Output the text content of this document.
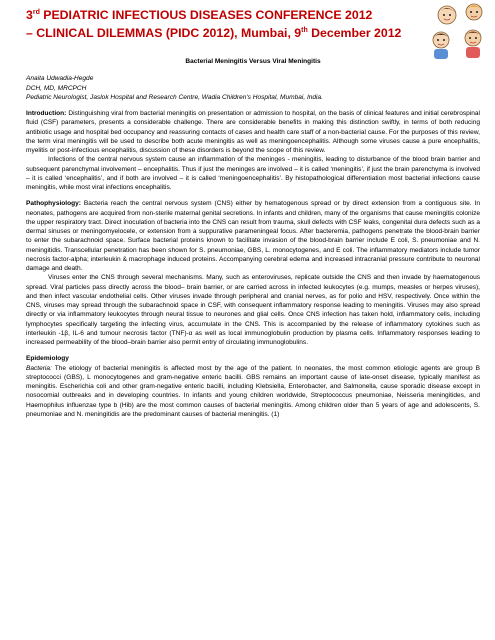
3rd PEDIATRIC INFECTIOUS DISEASES CONFERENCE 2012
– CLINICAL DILEMMAS (PIDC 2012), Mumbai, 9th December 2012

Bacterial Meningitis Versus Viral Meningitis

Anaita Udwadia-Hegde

DCH, MD, MRCPCH

Pediatric Neurologist, Jaslok Hospital and Research Centre, Wadia Children's Hospital, Mumbai, India.

Introduction: Distinguishing viral from bacterial meningitis on presentation or admission to hospital, on the basis of clinical features and initial cerebrospinal fluid (CSF) parameters, presents a considerable challenge. There are considerable benefits in making this distinction swiftly, in terms of both reducing antibiotic usage and hospital bed occupancy and reassuring contacts of cases and health care staff of a non-bacterial cause. For the purposes of this review, the term viral meningitis will be used to describe both acute meningitis as well as meningoencephalitis. Although some viruses cause a pure encephalitis, myelitis or post-infectious encephalitis, discussion of these disorders is beyond the scope of this review.

Infections of the central nervous system cause an inflammation of the meninges - meningitis, leading to disturbance of the blood brain barrier and subsequent parenchymal involvement – encephalitis. Thus if just the meninges are involved – it is called ‘meningitis’, if just the brain parenchyma is involved – it is called ‘encephalitis’, and if both are involved – it is called ‘meningoencephalitis’. By histopathological differentiation most bacterial infections cause meningitis, while most viral infections encephalitis.

Pathophysiology: Bacteria reach the central nervous system (CNS) either by hematogenous spread or by direct extension from a contiguous site. In neonates, pathogens are acquired from non-sterile maternal genital secretions. In infants and children, many of the organisms that cause meningitis colonize the upper respiratory tract. Direct inoculation of bacteria into the CNS can result from trauma, skull defects with CSF leaks, congenital dura defects such as a dermal sinuses or meningomyelocele, or extension from a suppurative parameningeal focus. After bacteremia, pathogens penetrate the blood-brain barrier to enter the subarachnoid space. Surface bacterial proteins known to facilitate invasion of the blood-brain barrier include E coli, S. pneumoniae and N. meningitidis. Transcellular penetration has been shown for S. pneumoniae, GBS, L. monocytogenes, and E coli. The inflammatory mediators include tumor necrosis factor-alpha; interleukin & macrophage induced proteins. Accompanying cerebral edema and increased intracranial pressure contribute to neuronal damage and death.

Viruses enter the CNS through several mechanisms. Many, such as enteroviruses, replicate outside the CNS and then invade by haematogenous spread. Viral particles pass directly across the blood– brain barrier, or are carried across in infected leukocytes (e.g. mumps, measles or herpes viruses), and then infect vascular endothelial cells. Other viruses invade through peripheral and cranial nerves, as for polio and HSV, respectively. Once within the CNS, viruses may spread through the subarachnoid space in CSF, with consequent inflammatory response leading to meningitis. Viruses may also spread directly or via inflammatory leukocytes through neural tissue to neurones and glial cells. Once CNS infection has taken hold, inflammatory cells, including lymphocytes specifically targeting the infecting virus, accumulate in the CNS. This is accompanied by the release of inflammatory cytokines such as interleukin -1β, IL-6 and tumour necrosis factor (TNF)-α as well as local immunoglobulin production by plasma cells. Inflammatory responses leading to increased permeability of the blood–brain barrier also permit entry of circulating immunoglobulins.

Epidemiology

Bacteria: The etiology of bacterial meningitis is affected most by the age of the patient. In neonates, the most common etiologic agents are group B streptococci (GBS), L monocytogenes and gram-negative enteric bacilli. GBS remains an important cause of late-onset disease, typically manifest as meningitis. Escherichia coli and other gram-negative enteric bacilli, including Klebsiella, Enterobacter, and Salmonella, cause sporadic disease except in nosocomial outbreaks and in developing countries. In infants and young children worldwide, Streptococcus pneumoniae, Neisseria meningitides, and Haemophilus influenzae type b (Hib) are the most common causes of bacterial meningitis. Among children older than 5 years of age and adolescents, S. pneumoniae and N. meningitidis are the predominant causes of bacterial meningitis. (1)
